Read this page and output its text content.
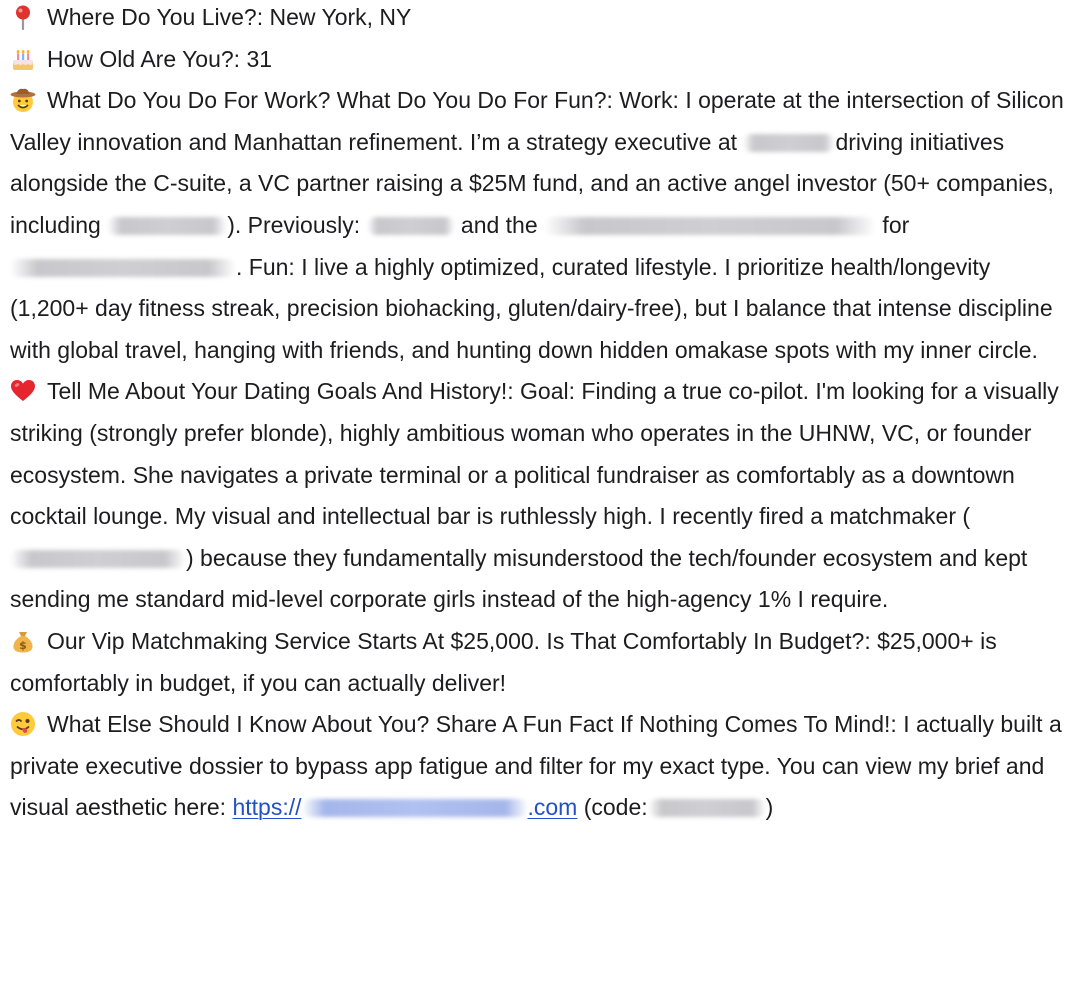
Where Do You Live?: New York, NY

How Old Are You?: 31

What Do You Do For Work? What Do You Do For Fun?: Work: I operate at the intersection of Silicon Valley innovation and Manhattan refinement. I’m a strategy executive at	driving initiatives alongside the C-suite, a VC partner raising a $25M fund, and an active angel investor (50+ companies, including	). Previously:	and the	for . Fun: I live a highly optimized, curated lifestyle. I prioritize health/longevity (1,200+ day fitness streak, precision biohacking, gluten/dairy-free), but I balance that intense discipline with global travel, hanging with friends, and hunting down hidden omakase spots with my inner circle.

Tell Me About Your Dating Goals And History!: Goal: Finding a true co-pilot. I'm looking for a visually striking (strongly prefer blonde), highly ambitious woman who operates in the UHNW, VC, or founder ecosystem. She navigates a private terminal or a political fundraiser as comfortably as a downtown cocktail lounge. My visual and intellectual bar is ruthlessly high. I recently fired a matchmaker () because they fundamentally misunderstood the tech/founder ecosystem and kept sending me standard mid-level corporate girls instead of the high-agency 1% I require.

$ Our Vip Matchmaking Service Starts At $25,000. Is That Comfortably In Budget?: $25,000+ is comfortably in budget, if you can actually deliver!

What Else Should I Know About You? Share A Fun Fact If Nothing Comes To Mind!: I actually built a private executive dossier to bypass app fatigue and filter for my exact type. You can view my brief and visual aesthetic here: https://	.com (code:	)
